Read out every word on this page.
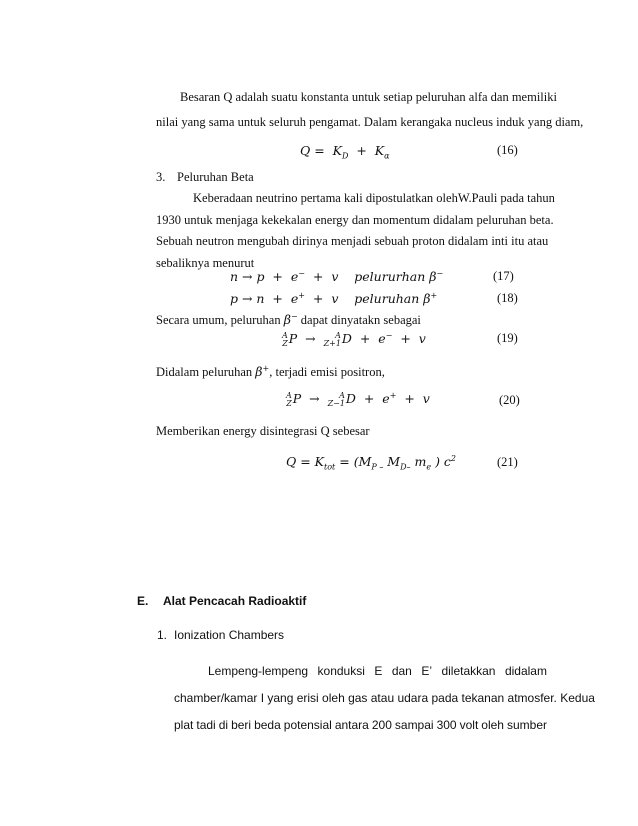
Besaran Q adalah suatu konstanta untuk setiap peluruhan alfa dan memiliki
nilai yang sama untuk seluruh pengamat. Dalam kerangaka nucleus induk yang diam,
$Q = K_D + K_\alpha$	(16)
3. Peluruhan Beta
Keberadaan neutrino pertama kali dipostulatkan olehW.Pauli pada tahun
1930 untuk menjaga kekekalan energy dan momentum didalam peluruhan beta.
Sebuah neutron mengubah dirinya menjadi sebuah proton didalam inti itu atau
sebaliknya menurut
n → p  +  e−  +  v    pelururhan β−	(17)
p → n  +  e+  +  v    peluruhan β+	(18)
Secara umum, peluruhan β− dapat dinyatakn sebagai
A
Z P  →	A
Z+1 D  +  e−  +  v	(19)
Didalam peluruhan β+, terjadi emisi positron,
A
Z P  →	A
Z−1 D  +  e+  +  v	(20)
Memberikan energy disintegrasi Q sebesar
$Q = K_{tot} = (M_{P -}$ $M_{D-}$ $m_e$ ) $c^2$	(21)
E. Alat Pencacah Radioaktif
1. Ionization Chambers
Lempeng-lempeng konduksi E dan E’ diletakkan didalam
chamber/kamar I yang erisi oleh gas atau udara pada tekanan atmosfer. Kedua
plat tadi di beri beda potensial antara 200 sampai 300 volt oleh sumber
